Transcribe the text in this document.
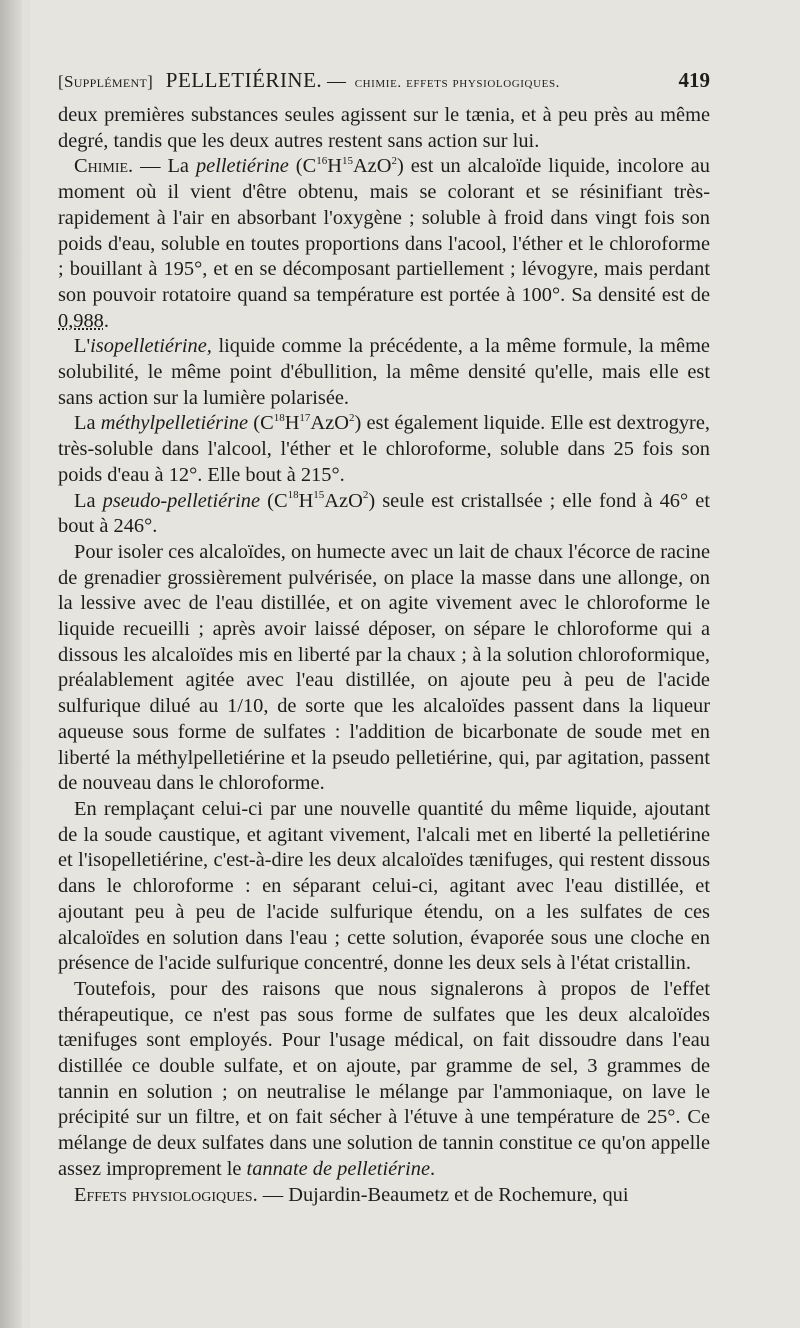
[Supplément] PELLETIÉRINE. — chimie. effets physiologiques.	419

deux premières substances seules agissent sur le tænia, et à peu près au même degré, tandis que les deux autres restent sans action sur lui.

Chimie. — La pelletiérine $(C^{16}H^{15}AzO^2)$ est un alcaloïde liquide, incolore au moment où il vient d'être obtenu, mais se colorant et se résinifiant très-rapidement à l'air en absorbant l'oxygène ; soluble à froid dans vingt fois son poids d'eau, soluble en toutes proportions dans l'acool, l'éther et le chloroforme ; bouillant à 195°, et en se décomposant partiellement ; lévogyre, mais perdant son pouvoir rotatoire quand sa température est portée à 100°. Sa densité est de 0,988.

L'isopelletiérine, liquide comme la précédente, a la même formule, la même solubilité, le même point d'ébullition, la même densité qu'elle, mais elle est sans action sur la lumière polarisée.

La méthylpelletiérine $(C^{18}H^{17}AzO^2)$ est également liquide. Elle est dextrogyre, très-soluble dans l'alcool, l'éther et le chloroforme, soluble dans 25 fois son poids d'eau à 12°. Elle bout à 215°.

La pseudo-pelletiérine $(C^{18}H^{15}AzO^2)$ seule est cristallsée ; elle fond à 46° et bout à 246°.

Pour isoler ces alcaloïdes, on humecte avec un lait de chaux l'écorce de racine de grenadier grossièrement pulvérisée, on place la masse dans une allonge, on la lessive avec de l'eau distillée, et on agite vivement avec le chloroforme le liquide recueilli ; après avoir laissé déposer, on sépare le chloroforme qui a dissous les alcaloïdes mis en liberté par la chaux ; à la solution chloroformique, préalablement agitée avec l'eau distillée, on ajoute peu à peu de l'acide sulfurique dilué au 1/10, de sorte que les alcaloïdes passent dans la liqueur aqueuse sous forme de sulfates : l'addition de bicarbonate de soude met en liberté la méthylpelletiérine et la pseudo pelletiérine, qui, par agitation, passent de nouveau dans le chloroforme.

En remplaçant celui-ci par une nouvelle quantité du même liquide, ajoutant de la soude caustique, et agitant vivement, l'alcali met en liberté la pelletiérine et l'isopelletiérine, c'est-à-dire les deux alcaloïdes tænifuges, qui restent dissous dans le chloroforme : en séparant celui-ci, agitant avec l'eau distillée, et ajoutant peu à peu de l'acide sulfurique étendu, on a les sulfates de ces alcaloïdes en solution dans l'eau ; cette solution, évaporée sous une cloche en présence de l'acide sulfurique concentré, donne les deux sels à l'état cristallin.

Toutefois, pour des raisons que nous signalerons à propos de l'effet thérapeutique, ce n'est pas sous forme de sulfates que les deux alcaloïdes tænifuges sont employés. Pour l'usage médical, on fait dissoudre dans l'eau distillée ce double sulfate, et on ajoute, par gramme de sel, 3 grammes de tannin en solution ; on neutralise le mélange par l'ammoniaque, on lave le précipité sur un filtre, et on fait sécher à l'étuve à une température de 25°. Ce mélange de deux sulfates dans une solution de tannin constitue ce qu'on appelle assez improprement le tannate de pelletiérine.

Effets physiologiques. — Dujardin-Beaumetz et de Rochemure, qui
